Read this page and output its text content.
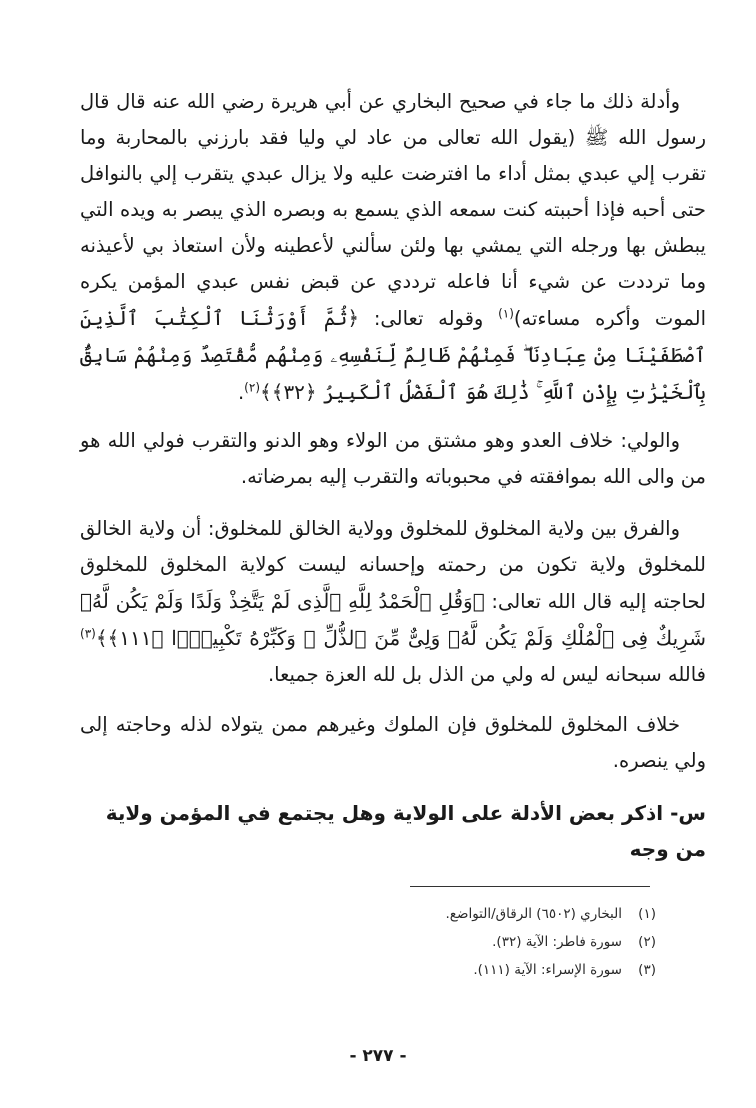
وأدلة ذلك ما جاء في صحيح البخاري عن أبي هريرة رضي الله عنه قال قال رسول الله ﷺ (يقول الله تعالى من عاد لي وليا فقد بارزني بالمحاربة وما تقرب إلي عبدي بمثل أداء ما افترضت عليه ولا يزال عبدي يتقرب إلي بالنوافل حتى أحبه فإذا أحببته كنت سمعه الذي يسمع به وبصره الذي يبصر به ويده التي يبطش بها ورجله التي يمشي بها ولئن سألني لأعطينه ولأن استعاذ بي لأعيذنه وما ترددت عن شيء أنا فاعله ترددي عن قبض نفس عبدي المؤمن يكره الموت وأكره مساءته)$^{(١)}$ وقوله تعالى: ﴿ثُمَّ أَوْرَثْنَا ٱلْكِتَٰبَ ٱلَّذِينَ ٱصْطَفَيْنَا مِنْ عِبَادِنَا ۖ فَمِنْهُمْ ظَالِمٌ لِّنَفْسِهِۦ وَمِنْهُم مُّقْتَصِدٌ وَمِنْهُمْ سَابِقٌۢ بِٱلْخَيْرَٰتِ بِإِذْنِ ٱللَّهِ ۚ ذَٰلِكَ هُوَ ٱلْفَضْلُ ٱلْكَبِيرُ ﴿٣٢﴾﴾$^{(٢)}$.

والولي: خلاف العدو وهو مشتق من الولاء وهو الدنو والتقرب فولي الله هو من والى الله بموافقته في محبوباته والتقرب إليه بمرضاته.

والفرق بين ولاية المخلوق للمخلوق وولاية الخالق للمخلوق: أن ولاية الخالق للمخلوق ولاية تكون من رحمته وإحسانه ليست كولاية المخلوق للمخلوق لحاجته إليه قال الله تعالى: ﴿وَقُلِ ٱلْحَمْدُ لِلَّهِ ٱلَّذِى لَمْ يَتَّخِذْ وَلَدًا وَلَمْ يَكُن لَّهُۥ شَرِيكٌ فِى ٱلْمُلْكِ وَلَمْ يَكُن لَّهُۥ وَلِىٌّ مِّنَ ٱلذُّلِّ ۖ وَكَبِّرْهُ تَكْبِيرًۢا ﴿١١١﴾﴾$^{(٣)}$ فالله سبحانه ليس له ولي من الذل بل لله العزة جميعا.

خلاف المخلوق للمخلوق فإن الملوك وغيرهم ممن يتولاه لذله وحاجته إلى ولي ينصره.

س- اذكر بعض الأدلة على الولاية وهل يجتمع في المؤمن ولاية من وجه

(١)البخاري (٦٥٠٢) الرقاق/التواضع.
(٢)سورة فاطر: الآية (٣٢).
(٣)سورة الإسراء: الآية (١١١).
- ٢٧٧ -
